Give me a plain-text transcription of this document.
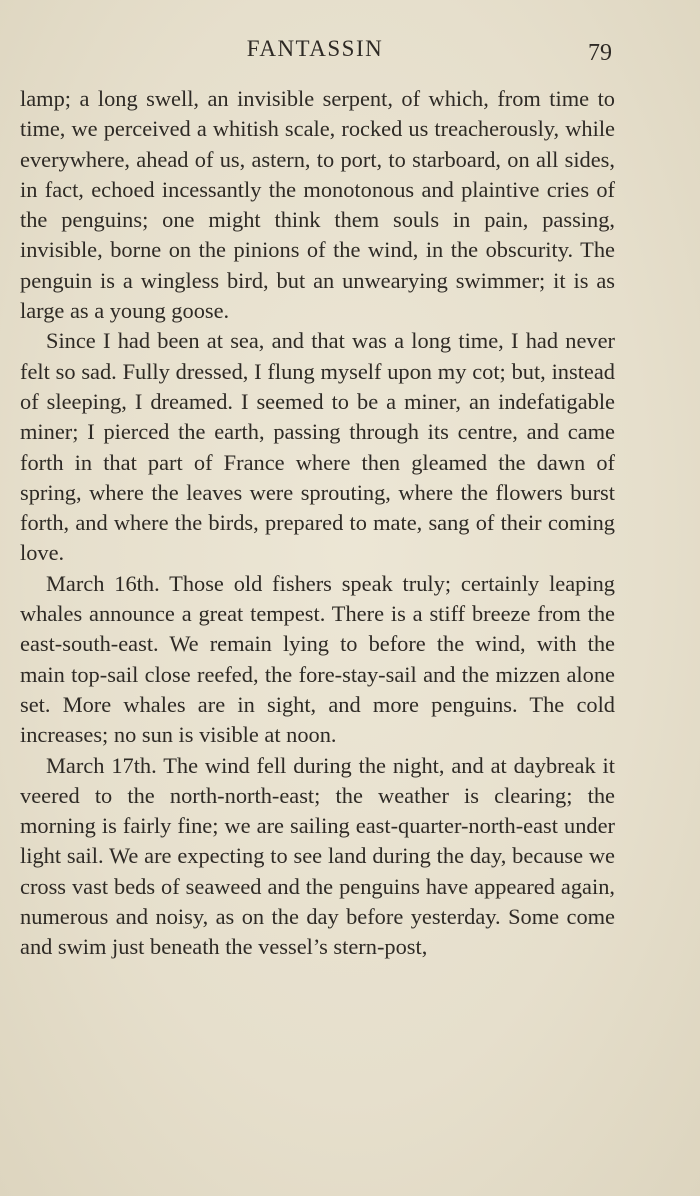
FANTASSIN	79

lamp; a long swell, an invisible serpent, of which, from time to time, we perceived a whitish scale, rocked us treacherously, while everywhere, ahead of us, astern, to port, to starboard, on all sides, in fact, echoed incessantly the monotonous and plaintive cries of the penguins; one might think them souls in pain, passing, invisible, borne on the pinions of the wind, in the obscurity. The penguin is a wingless bird, but an unwearying swimmer; it is as large as a young goose.

Since I had been at sea, and that was a long time, I had never felt so sad. Fully dressed, I flung myself upon my cot; but, instead of sleeping, I dreamed. I seemed to be a miner, an indefatigable miner; I pierced the earth, passing through its centre, and came forth in that part of France where then gleamed the dawn of spring, where the leaves were sprouting, where the flowers burst forth, and where the birds, prepared to mate, sang of their coming love.

March 16th. Those old fishers speak truly; certainly leaping whales announce a great tempest. There is a stiff breeze from the east-south-east. We remain lying to before the wind, with the main top-sail close reefed, the fore-stay-sail and the mizzen alone set. More whales are in sight, and more penguins. The cold increases; no sun is visible at noon.

March 17th. The wind fell during the night, and at daybreak it veered to the north-north-east; the weather is clearing; the morning is fairly fine; we are sailing east-quarter-north-east under light sail. We are expecting to see land during the day, because we cross vast beds of seaweed and the penguins have appeared again, numerous and noisy, as on the day before yesterday. Some come and swim just beneath the vessel’s stern-post,
